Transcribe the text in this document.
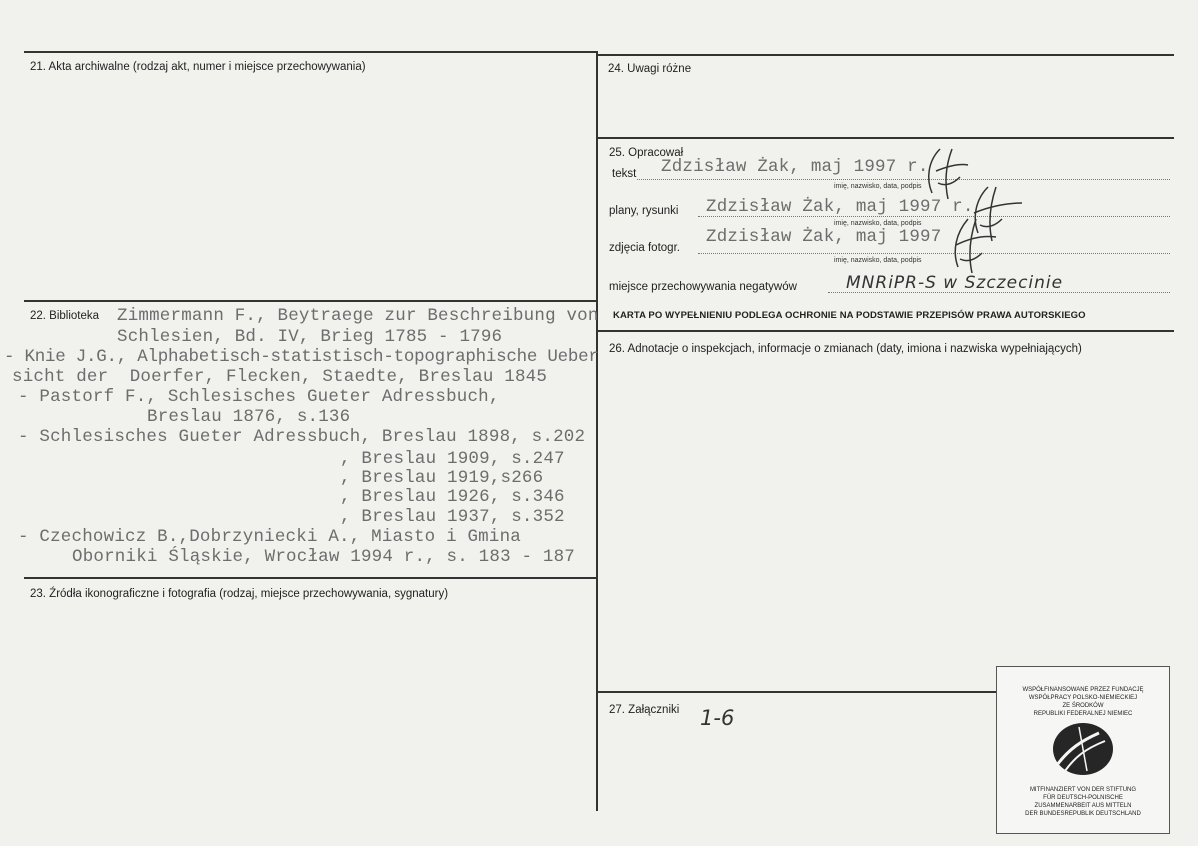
21. Akta archiwalne (rodzaj akt, numer i miejsce przechowywania)
22. Biblioteka Zimmermann F., Beytraege zur Beschreibung von
Schlesien, Bd. IV, Brieg 1785 - 1796
- Knie J.G., Alphabetisch-statistisch-topographische Ueber
sicht der  Doerfer, Flecken, Staedte, Breslau 1845
- Pastorf F., Schlesisches Gueter Adressbuch,
Breslau 1876, s.136
- Schlesisches Gueter Adressbuch, Breslau 1898, s.202
, Breslau 1909, s.247
, Breslau 1919,s266
, Breslau 1926, s.346
, Breslau 1937, s.352
- Czechowicz B.,Dobrzyniecki A., Miasto i Gmina
Oborniki Śląskie, Wrocław 1994 r., s. 183 - 187
23. Źródła ikonograficzne i fotografia (rodzaj, miejsce przechowywania, sygnatury)
24. Uwagi różne
25. Opracował
tekst Zdzisław Żak, maj 1997 r.
imię, nazwisko, data, podpis
plany, rysunki Zdzisław Żak, maj 1997 r.
imię, nazwisko, data, podpis
zdjęcia fotogr.
Zdzisław Żak, maj 1997
imię, nazwisko, data, podpis
miejsce przechowywania negatywów	MNRiPR-S w Szczecinie
KARTA PO WYPEŁNIENIU PODLEGA OCHRONIE NA PODSTAWIE PRZEPISÓW PRAWA AUTORSKIEGO
26. Adnotacje o inspekcjach, informacje o zmianach (daty, imiona i nazwiska wypełniających)
27. Załączniki 1-6
WSPÓŁFINANSOWANE PRZEZ FUNDACJĘ
WSPÓŁPRACY POLSKO-NIEMIECKIEJ
ZE ŚRODKÓW
REPUBLIKI FEDERALNEJ NIEMIEC
MITFINANZIERT VON DER STIFTUNG
FÜR DEUTSCH-POLNISCHE
ZUSAMMENARBEIT AUS MITTELN
DER BUNDESREPUBLIK DEUTSCHLAND
